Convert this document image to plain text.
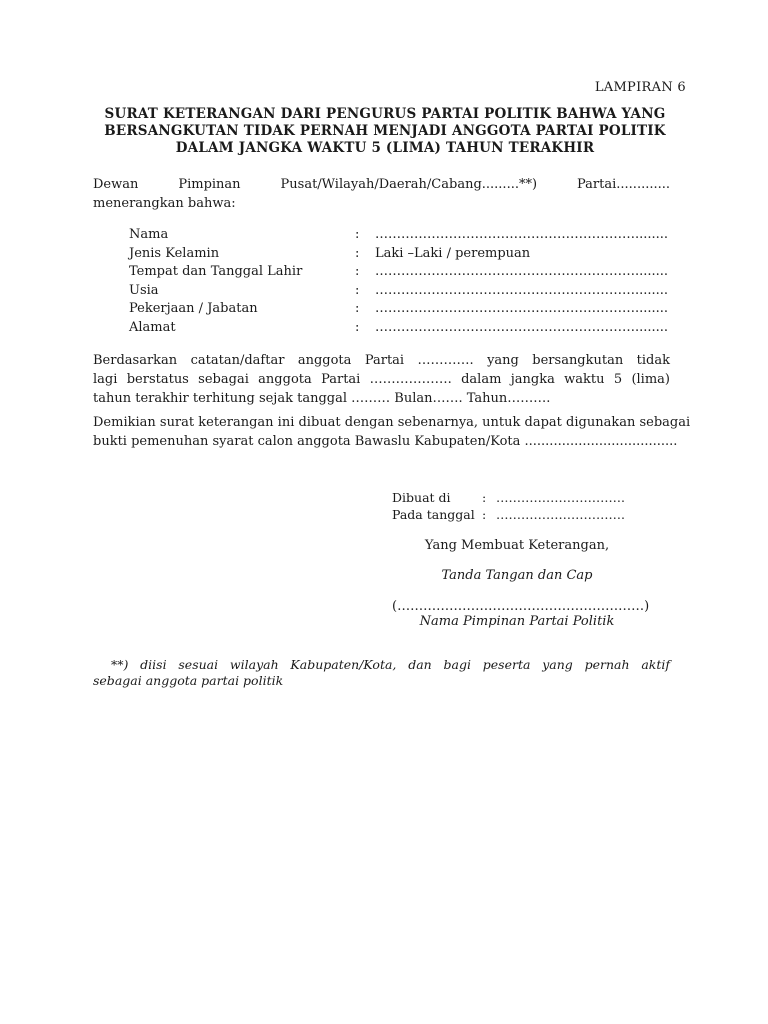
LAMPIRAN 6
SURAT KETERANGAN DARI PENGURUS PARTAI POLITIK BAHWA YANG
BERSANGKUTAN TIDAK PERNAH MENJADI ANGGOTA PARTAI POLITIK
DALAM JANGKA WAKTU 5 (LIMA) TAHUN TERAKHIR
Dewan	Pimpinan	Pusat/Wilayah/Daerah/Cabang.........**)	Partai.............
menerangkan bahwa:
Nama	:	……………………………………………………........
Jenis Kelamin	:	Laki –Laki / perempuan
Tempat dan Tanggal Lahir	:	……………………………………………………........
Usia	:	……………………………………………………........
Pekerjaan / Jabatan	:	……………………………………………………........
Alamat	:	……………………………………………………........
Berdasarkan catatan/daftar anggota Partai …………. yang bersangkutan tidak
lagi berstatus sebagai anggota Partai ………………. dalam jangka waktu 5 (lima)
tahun terakhir terhitung sejak tanggal ……… Bulan……. Tahun……….
Demikian surat keterangan ini dibuat dengan sebenarnya, untuk dapat digunakan sebagai
bukti pemenuhan syarat calon anggota Bawaslu Kabupaten/Kota .....................................
Dibuat di	: ………………………….
Pada tanggal : ………………………….
Yang Membuat Keterangan,
Tanda Tangan dan Cap
(…………………………………………………)
Nama Pimpinan Partai Politik
**) diisi sesuai wilayah Kabupaten/Kota, dan bagi peserta yang pernah aktif
sebagai anggota partai politik
